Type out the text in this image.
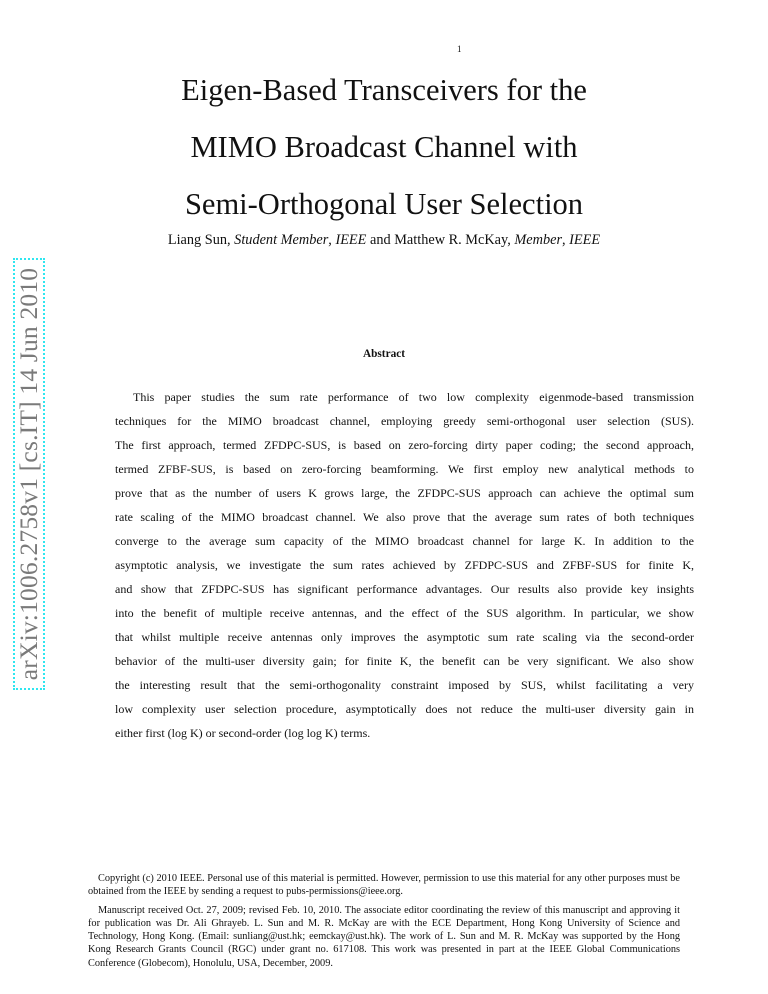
1
arXiv:1006.2758v1 [cs.IT] 14 Jun 2010
Eigen-Based Transceivers for the
MIMO Broadcast Channel with
Semi-Orthogonal User Selection
Liang Sun, Student Member, IEEE and Matthew R. McKay, Member, IEEE
Abstract
This paper studies the sum rate performance of two low complexity eigenmode-based transmission
techniques for the MIMO broadcast channel, employing greedy semi-orthogonal user selection (SUS).
The first approach, termed ZFDPC-SUS, is based on zero-forcing dirty paper coding; the second approach,
termed ZFBF-SUS, is based on zero-forcing beamforming. We first employ new analytical methods to
prove that as the number of users K grows large, the ZFDPC-SUS approach can achieve the optimal sum
rate scaling of the MIMO broadcast channel. We also prove that the average sum rates of both techniques
converge to the average sum capacity of the MIMO broadcast channel for large K. In addition to the
asymptotic analysis, we investigate the sum rates achieved by ZFDPC-SUS and ZFBF-SUS for finite K,
and show that ZFDPC-SUS has significant performance advantages. Our results also provide key insights
into the benefit of multiple receive antennas, and the effect of the SUS algorithm. In particular, we show
that whilst multiple receive antennas only improves the asymptotic sum rate scaling via the second-order
behavior of the multi-user diversity gain; for finite K, the benefit can be very significant. We also show
the interesting result that the semi-orthogonality constraint imposed by SUS, whilst facilitating a very
low complexity user selection procedure, asymptotically does not reduce the multi-user diversity gain in
either first (log K) or second-order (log log K) terms.

Copyright (c) 2010 IEEE. Personal use of this material is permitted. However, permission to use this material for any other purposes must be obtained from the IEEE by sending a request to pubs-permissions@ieee.org.

Manuscript received Oct. 27, 2009; revised Feb. 10, 2010. The associate editor coordinating the review of this manuscript and approving it for publication was Dr. Ali Ghrayeb. L. Sun and M. R. McKay are with the ECE Department, Hong Kong University of Science and Technology, Hong Kong. (Email: sunliang@ust.hk; eemckay@ust.hk). The work of L. Sun and M. R. McKay was supported by the Hong Kong Research Grants Council (RGC) under grant no. 617108. This work was presented in part at the IEEE Global Communications Conference (Globecom), Honolulu, USA, December, 2009.
